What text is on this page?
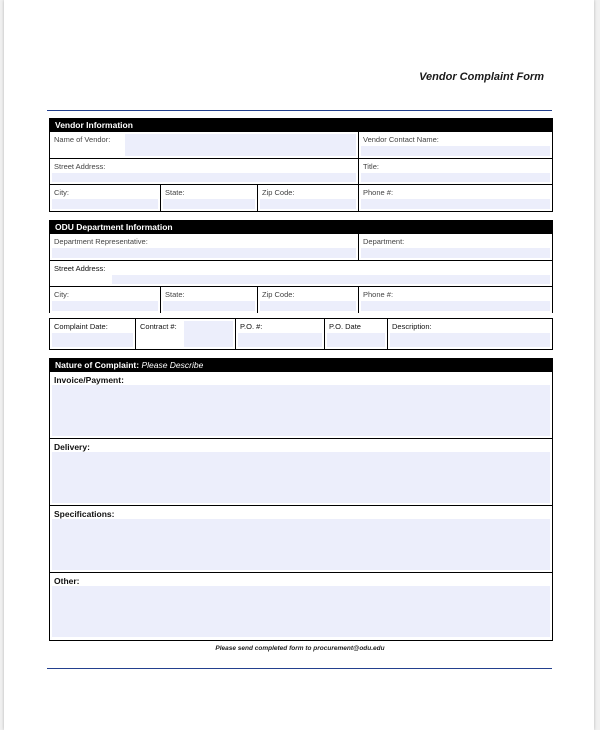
Vendor Complaint Form
Vendor Information
Name of Vendor:	Vendor Contact Name:
Street Address:	Title:
City:	State:	Zip Code:	Phone #:
ODU Department Information
Department Representative:	Department:
Street Address:
City:	State:	Zip Code:	Phone #:
Complaint Date:	Contract #:	P.O. #:	P.O. Date	Description:
Nature of Complaint: Please Describe
Invoice/Payment:
Delivery:
Specifications:
Other:
Please send completed form to procurement@odu.edu
